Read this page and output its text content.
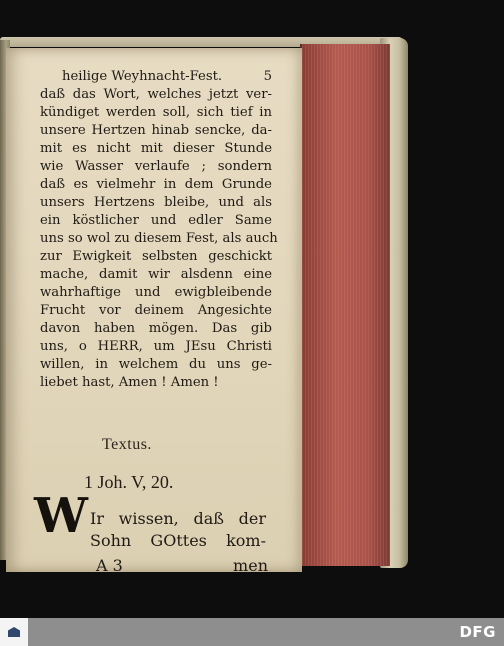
heilige Weyhnacht-Fest.	5
daß das Wort, welches jetzt ver-
kündiget werden soll, sich tief in
unsere Hertzen hinab sencke, da-
mit es nicht mit dieser Stunde
wie Wasser verlaufe ; sondern
daß es vielmehr in dem Grunde
unsers Hertzens bleibe, und als
ein köstlicher und edler Same
uns so wol zu diesem Fest, als auch
zur Ewigkeit selbsten geschickt
mache, damit wir alsdenn eine
wahrhaftige und ewigbleibende
Frucht vor deinem Angesichte
davon haben mögen. Das gib
uns, o HERR, um JEsu Christi
willen, in welchem du uns ge-
liebet hast, Amen ! Amen !
Textus.
1 Joh. V, 20.
W Ir wissen, daß der
Sohn GOttes kom-
A 3	men
DFG
